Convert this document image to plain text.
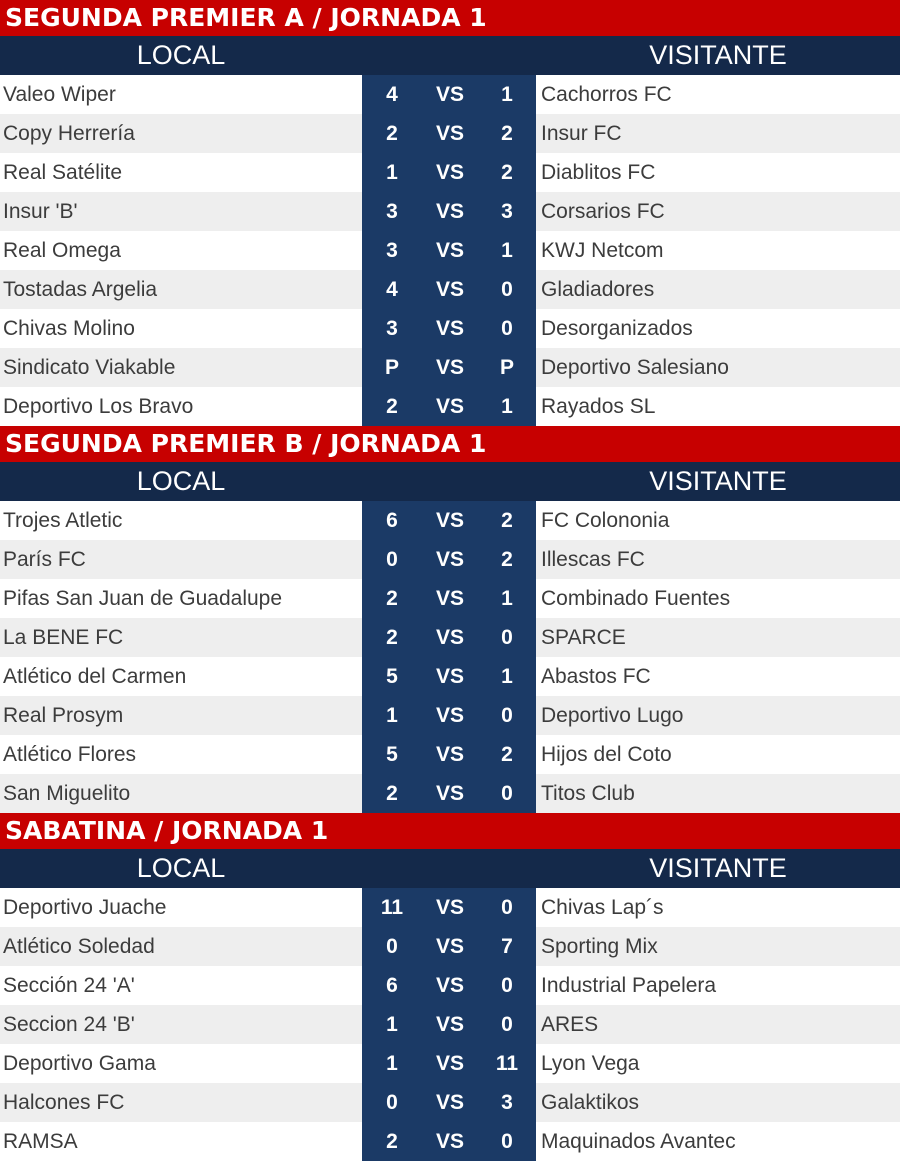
SEGUNDA PREMIER A / JORNADA 1
LOCAL	VISITANTE
Valeo Wiper	4	VS	1	Cachorros FC
Copy Herrería	2	VS	2	Insur FC
Real Satélite	1	VS	2	Diablitos FC
Insur 'B'	3	VS	3	Corsarios FC
Real Omega	3	VS	1	KWJ Netcom
Tostadas Argelia	4	VS	0	Gladiadores
Chivas Molino	3	VS	0	Desorganizados
Sindicato Viakable	P	VS	P	Deportivo Salesiano
Deportivo Los Bravo	2	VS	1	Rayados SL
SEGUNDA PREMIER B / JORNADA 1
LOCAL	VISITANTE
Trojes Atletic	6	VS	2	FC Colononia
París FC	0	VS	2	Illescas FC
Pifas San Juan de Guadalupe	2	VS	1	Combinado Fuentes
La BENE FC	2	VS	0	SPARCE
Atlético del Carmen	5	VS	1	Abastos FC
Real Prosym	1	VS	0	Deportivo Lugo
Atlético Flores	5	VS	2	Hijos del Coto
San Miguelito	2	VS	0	Titos Club
SABATINA / JORNADA 1
LOCAL	VISITANTE
Deportivo Juache	11	VS	0	Chivas Lap´s
Atlético Soledad	0	VS	7	Sporting Mix
Sección 24 'A'	6	VS	0	Industrial Papelera
Seccion 24 'B'	1	VS	0	ARES
Deportivo Gama	1	VS	11	Lyon Vega
Halcones FC	0	VS	3	Galaktikos
RAMSA	2	VS	0	Maquinados Avantec
